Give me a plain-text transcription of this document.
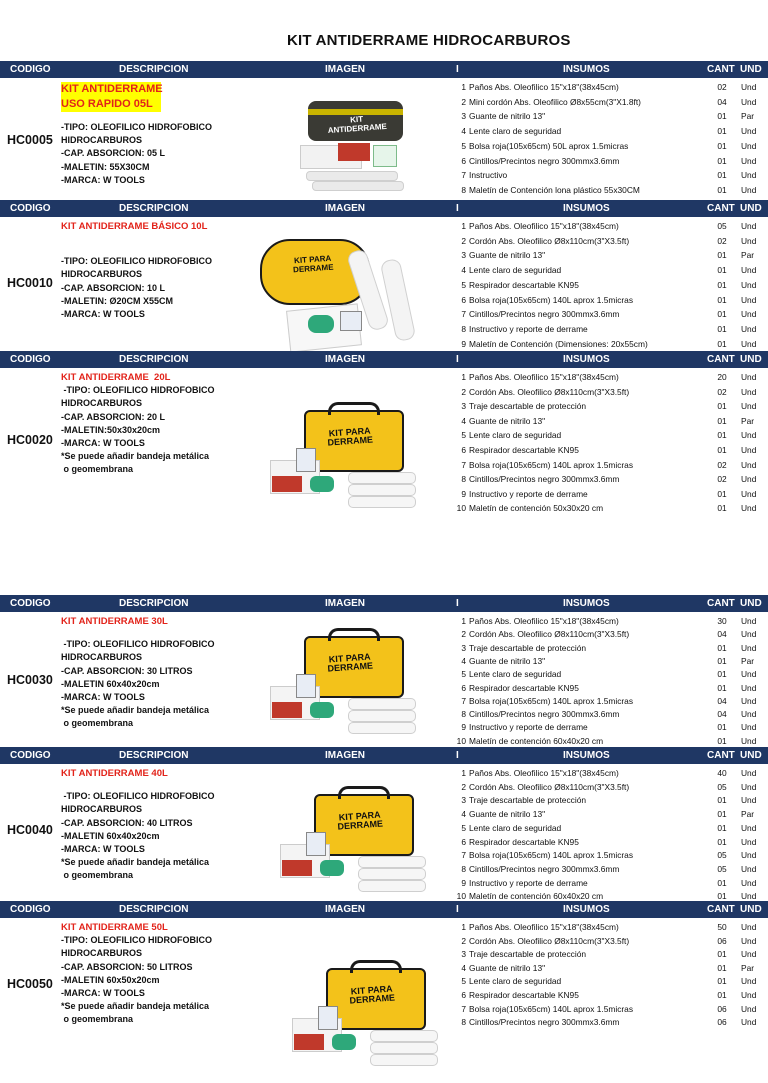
KIT ANTIDERRAME HIDROCARBUROS
CODIGO	DESCRIPCION	IMAGEN	I	INSUMOS	CANT UND
HC0005
KIT ANTIDERRAME
USO RAPIDO 05L
-TIPO: OLEOFILICO HIDROFOBICO
HIDROCARBUROS
-CAP. ABSORCION: 05 L
-MALETIN: 55X30CM
-MARCA: W TOOLS
KIT ANTIDERRAME
1 Paños Abs. Oleofilico 15"x18"(38x45cm)	02 Und
2 Mini cordón Abs. Oleofilico Ø8x55cm(3"X1.8ft)	04 Und
3 Guante de nitrilo 13"	01 Par
4 Lente claro de seguridad	01 Und
5 Bolsa roja(105x65cm) 50L aprox 1.5micras	01 Und
6 Cintillos/Precintos negro 300mmx3.6mm	01 Und
7 Instructivo	01 Und
8 Maletín de Contención lona plástico 55x30CM	01 Und
CODIGO	DESCRIPCION	IMAGEN	I	INSUMOS	CANT UND
HC0010
KIT ANTIDERRAME BÁSICO 10L
-TIPO: OLEOFILICO HIDROFOBICO
HIDROCARBUROS
-CAP. ABSORCION: 10 L
-MALETIN: Ø20CM X55CM
-MARCA: W TOOLS
KIT PARA DERRAME
1 Paños Abs. Oleofilico 15"x18"(38x45cm)	05 Und
2 Cordón Abs. Oleofilico Ø8x110cm(3"X3.5ft)	02 Und
3 Guante de nitrilo 13"	01 Par
4 Lente claro de seguridad	01 Und
5 Respirador descartable KN95	01 Und
6 Bolsa roja(105x65cm) 140L aprox 1.5micras	01 Und
7 Cintillos/Precintos negro 300mmx3.6mm	01 Und
8 Instructivo y reporte de derrame	01 Und
9 Maletín de Contención (Dimensiones: 20x55cm)	01 Und
CODIGO	DESCRIPCION	IMAGEN	I	INSUMOS	CANT UND
HC0020
KIT ANTIDERRAME  20L
-TIPO: OLEOFILICO HIDROFOBICO
HIDROCARBUROS
-CAP. ABSORCION: 20 L
-MALETIN:50x30x20cm
-MARCA: W TOOLS
*Se puede añadir bandeja metálica
o geomembrana
KIT PARA DERRAME
1 Paños Abs. Oleofilico 15"x18"(38x45cm)	20 Und
2 Cordón Abs. Oleofilico Ø8x110cm(3"X3.5ft)	02 Und
3 Traje descartable de protección	01 Und
4 Guante de nitrilo 13"	01 Par
5 Lente claro de seguridad	01 Und
6 Respirador descartable KN95	01 Und
7 Bolsa roja(105x65cm) 140L aprox 1.5micras	02 Und
8 Cintillos/Precintos negro 300mmx3.6mm	02 Und
9 Instructivo y reporte de derrame	01 Und
10 Maletín de contención 50x30x20 cm	01 Und
CODIGO	DESCRIPCION	IMAGEN	I	INSUMOS	CANT UND
HC0030
KIT ANTIDERRAME 30L
-TIPO: OLEOFILICO HIDROFOBICO
HIDROCARBUROS
-CAP. ABSORCION: 30 LITROS
-MALETIN 60x40x20cm
-MARCA: W TOOLS
*Se puede añadir bandeja metálica
o geomembrana
KIT PARA DERRAME
1 Paños Abs. Oleofilico 15"x18"(38x45cm)	30 Und
2 Cordón Abs. Oleofilico Ø8x110cm(3"X3.5ft)	04 Und
3 Traje descartable de protección	01 Und
4 Guante de nitrilo 13"	01 Par
5 Lente claro de seguridad	01 Und
6 Respirador descartable KN95	01 Und
7 Bolsa roja(105x65cm) 140L aprox 1.5micras	04 Und
8 Cintillos/Precintos negro 300mmx3.6mm	04 Und
9 Instructivo y reporte de derrame	01 Und
10 Maletín de contención 60x40x20 cm	01 Und
CODIGO	DESCRIPCION	IMAGEN	I	INSUMOS	CANT UND
HC0040
KIT ANTIDERRAME 40L
-TIPO: OLEOFILICO HIDROFOBICO
HIDROCARBUROS
-CAP. ABSORCION: 40 LITROS
-MALETIN 60x40x20cm
-MARCA: W TOOLS
*Se puede añadir bandeja metálica
o geomembrana
KIT PARA DERRAME
1 Paños Abs. Oleofilico 15"x18"(38x45cm)	40 Und
2 Cordón Abs. Oleofilico Ø8x110cm(3"X3.5ft)	05 Und
3 Traje descartable de protección	01 Und
4 Guante de nitrilo 13"	01 Par
5 Lente claro de seguridad	01 Und
6 Respirador descartable KN95	01 Und
7 Bolsa roja(105x65cm) 140L aprox 1.5micras	05 Und
8 Cintillos/Precintos negro 300mmx3.6mm	05 Und
9 Instructivo y reporte de derrame	01 Und
10 Maletín de contención 60x40x20 cm	01 Und
CODIGO	DESCRIPCION	IMAGEN	I	INSUMOS	CANT UND
HC0050
KIT ANTIDERRAME 50L
-TIPO: OLEOFILICO HIDROFOBICO
HIDROCARBUROS
-CAP. ABSORCION: 50 LITROS
-MALETIN 60x50x20cm
-MARCA: W TOOLS
*Se puede añadir bandeja metálica
o geomembrana
KIT PARA DERRAME
1 Paños Abs. Oleofilico 15"x18"(38x45cm)	50 Und
2 Cordón Abs. Oleofilico Ø8x110cm(3"X3.5ft)	06 Und
3 Traje descartable de protección	01 Und
4 Guante de nitrilo 13"	01 Par
5 Lente claro de seguridad	01 Und
6 Respirador descartable KN95	01 Und
7 Bolsa roja(105x65cm) 140L aprox 1.5micras	06 Und
8 Cintillos/Precintos negro 300mmx3.6mm	06 Und
